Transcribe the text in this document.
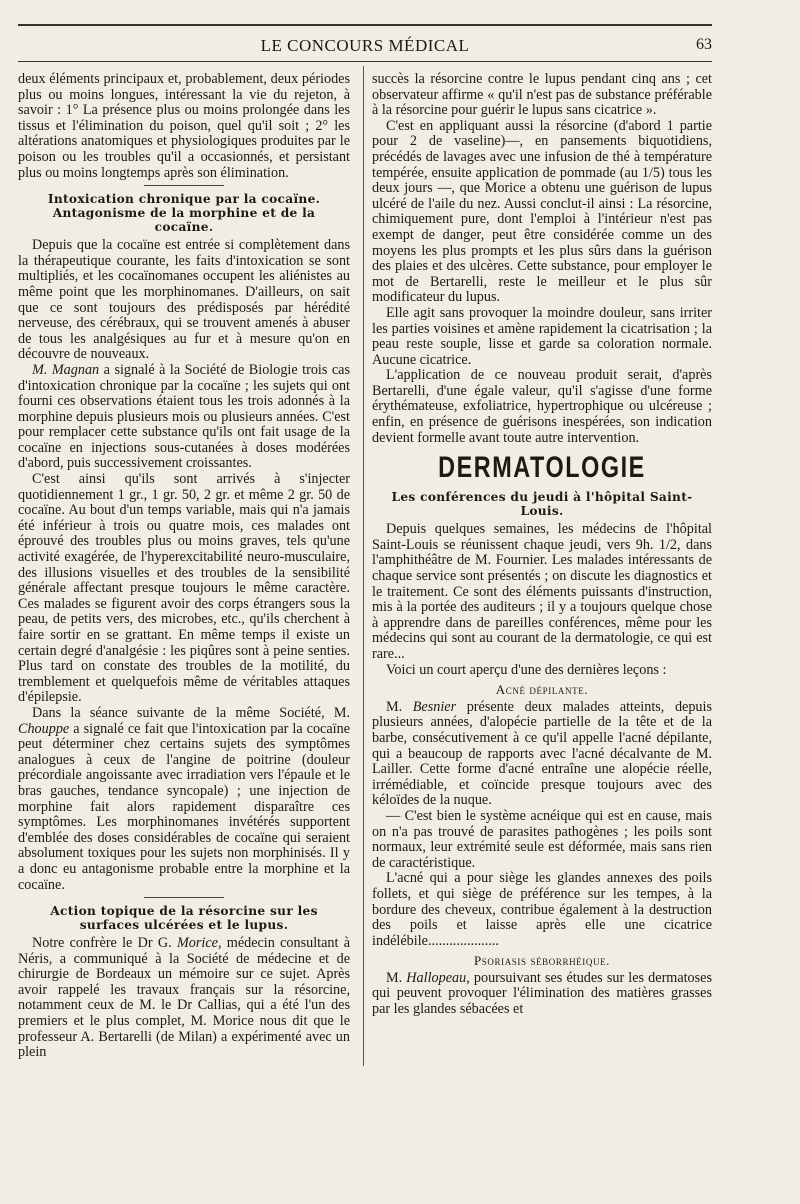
LE CONCOURS MÉDICAL	63

deux éléments principaux et, probablement, deux périodes plus ou moins longues, intéressant la vie du rejeton, à savoir : 1° La présence plus ou moins prolongée dans les tissus et l'élimination du poison, quel qu'il soit ; 2° les altérations anatomiques et physiologiques produites par le poison ou les troubles qu'il a occasionnés, et persistant plus ou moins longtemps après son élimination.

Intoxication chronique par la cocaïne. Antagonisme de la morphine et de la cocaïne.

Depuis que la cocaïne est entrée si complètement dans la thérapeutique courante, les faits d'intoxication se sont multipliés, et les cocaïnomanes occupent les aliénistes au même point que les morphinomanes. D'ailleurs, on sait que ce sont toujours des prédisposés par hérédité nerveuse, des cérébraux, qui se trouvent amenés à abuser de tous les analgésiques au fur et à mesure qu'on en découvre de nouveaux.

M. Magnan a signalé à la Société de Biologie trois cas d'intoxication chronique par la cocaïne ; les sujets qui ont fourni ces observations étaient tous les trois adonnés à la morphine depuis plusieurs mois ou plusieurs années. C'est pour remplacer cette substance qu'ils ont fait usage de la cocaïne en injections sous-cutanées à doses modérées d'abord, puis successivement croissantes.

C'est ainsi qu'ils sont arrivés à s'injecter quotidiennement 1 gr., 1 gr. 50, 2 gr. et même 2 gr. 50 de cocaïne. Au bout d'un temps variable, mais qui n'a jamais été inférieur à trois ou quatre mois, ces malades ont éprouvé des troubles plus ou moins graves, tels qu'une activité exagérée, de l'hyperexcitabilité neuro-musculaire, des illusions visuelles et des troubles de la sensibilité générale affectant presque toujours le même caractère. Ces malades se figurent avoir des corps étrangers sous la peau, de petits vers, des microbes, etc., qu'ils cherchent à faire sortir en se grattant. En même temps il existe un certain degré d'analgésie : les piqûres sont à peine senties. Plus tard on constate des troubles de la motilité, du tremblement et quelquefois même de véritables attaques d'épilepsie.

Dans la séance suivante de la même Société, M. Chouppe a signalé ce fait que l'intoxication par la cocaïne peut déterminer chez certains sujets des symptômes analogues à ceux de l'angine de poitrine (douleur précordiale angoissante avec irradiation vers l'épaule et le bras gauches, tendance syncopale) ; une injection de morphine fait alors rapidement disparaître ces symptômes. Les morphinomanes invétérés supportent d'emblée des doses considérables de cocaïne qui seraient absolument toxiques pour les sujets non morphinisés. Il y a donc eu antagonisme probable entre la morphine et la cocaïne.

Action topique de la résorcine sur les surfaces ulcérées et le lupus.

Notre confrère le Dr G. Morice, médecin consultant à Néris, a communiqué à la Société de médecine et de chirurgie de Bordeaux un mémoire sur ce sujet. Après avoir rappelé les travaux français sur la résorcine, notamment ceux de M. le Dr Callias, qui a été l'un des premiers et le plus complet, M. Morice nous dit que le professeur A. Bertarelli (de Milan) a expérimenté avec un plein

succès la résorcine contre le lupus pendant cinq ans ; cet observateur affirme « qu'il n'est pas de substance préférable à la résorcine pour guérir le lupus sans cicatrice ».

C'est en appliquant aussi la résorcine (d'abord 1 partie pour 2 de vaseline)—, en pansements biquotidiens, précédés de lavages avec une infusion de thé à température tempérée, ensuite application de pommade (au 1/5) tous les deux jours —, que Morice a obtenu une guérison de lupus ulcéré de l'aile du nez. Aussi conclut-il ainsi : La résorcine, chimiquement pure, dont l'emploi à l'intérieur n'est pas exempt de danger, peut être considérée comme un des moyens les plus prompts et les plus sûrs dans la guérison des plaies et des ulcères. Cette substance, pour employer le mot de Bertarelli, reste le meilleur et le plus sûr modificateur du lupus.

Elle agit sans provoquer la moindre douleur, sans irriter les parties voisines et amène rapidement la cicatrisation ; la peau reste souple, lisse et garde sa coloration normale. Aucune cicatrice.

L'application de ce nouveau produit serait, d'après Bertarelli, d'une égale valeur, qu'il s'agisse d'une forme érythémateuse, exfoliatrice, hypertrophique ou ulcéreuse ; enfin, en présence de guérisons inespérées, son indication devient formelle avant toute autre intervention.

DERMATOLOGIE
Les conférences du jeudi à l'hôpital Saint-Louis.

Depuis quelques semaines, les médecins de l'hôpital Saint-Louis se réunissent chaque jeudi, vers 9h. 1/2, dans l'amphithéâtre de M. Fournier. Les malades intéressants de chaque service sont présentés ; on discute les diagnostics et le traitement. Ce sont des éléments puissants d'instruction, mis à la portée des auditeurs ; il y a toujours quelque chose à apprendre dans de pareilles conférences, même pour les médecins qui sont au courant de la dermatologie, ce qui est rare...

Voici un court aperçu d'une des dernières leçons :

Acné dépilante.

M. Besnier présente deux malades atteints, depuis plusieurs années, d'alopécie partielle de la tête et de la barbe, consécutivement à ce qu'il appelle l'acné dépilante, qui a beaucoup de rapports avec l'acné décalvante de M. Lailler. Cette forme d'acné entraîne une alopécie réelle, irrémédiable, et coïncide presque toujours avec des kéloïdes de la nuque.

— C'est bien le système acnéique qui est en cause, mais on n'a pas trouvé de parasites pathogènes ; les poils sont normaux, leur extrémité seule est déformée, mais sans rien de caractéristique.

L'acné qui a pour siège les glandes annexes des poils follets, et qui siège de préférence sur les tempes, à la bordure des cheveux, contribue également à la destruction des poils et laisse après elle une cicatrice indélébile....................

Psoriasis séborrhéique.

M. Hallopeau, poursuivant ses études sur les dermatoses qui peuvent provoquer l'élimination des matières grasses par les glandes sébacées et
